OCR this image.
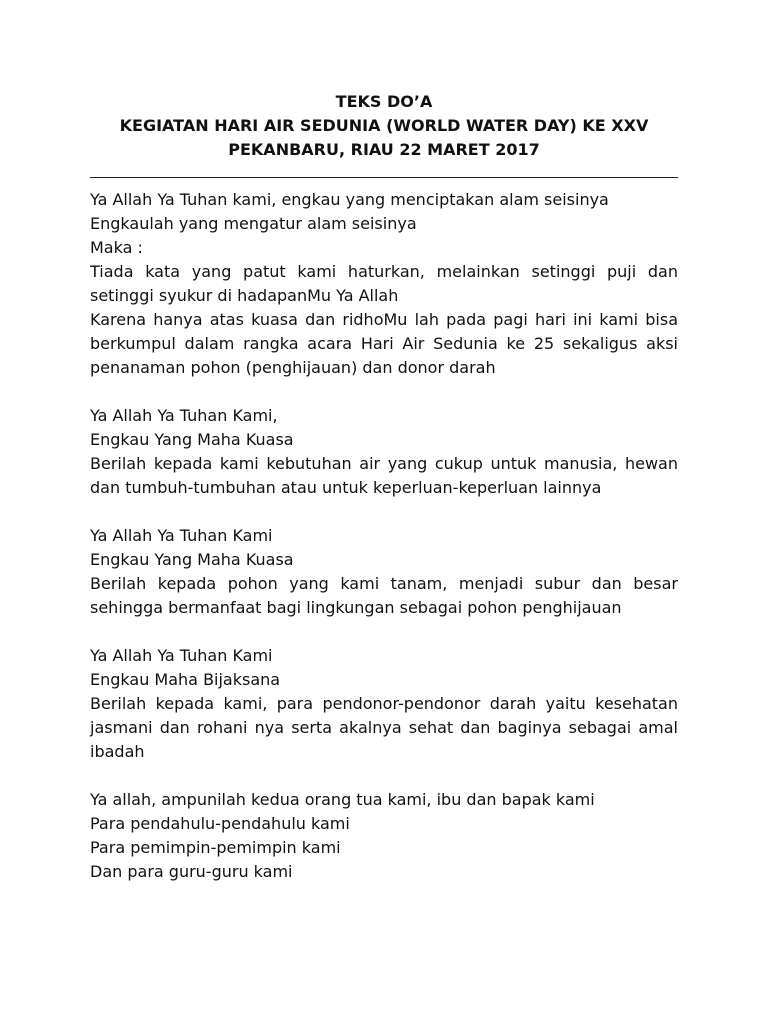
TEKS DO’A
KEGIATAN HARI AIR SEDUNIA (WORLD WATER DAY) KE XXV
PEKANBARU, RIAU 22 MARET 2017
Ya Allah Ya Tuhan kami, engkau yang menciptakan alam seisinya
Engkaulah yang mengatur alam seisinya
Maka :
Tiada kata yang patut kami haturkan, melainkan setinggi puji dan setinggi syukur di hadapanMu Ya Allah
Karena hanya atas kuasa dan ridhoMu lah pada pagi hari ini kami bisa berkumpul dalam rangka acara Hari Air Sedunia ke 25 sekaligus aksi penanaman pohon (penghijauan) dan donor darah
Ya Allah Ya Tuhan Kami,
Engkau Yang Maha Kuasa
Berilah kepada kami kebutuhan air yang cukup untuk manusia, hewan dan tumbuh-tumbuhan atau untuk keperluan-keperluan lainnya
Ya Allah Ya Tuhan Kami
Engkau Yang Maha Kuasa
Berilah kepada pohon yang kami tanam, menjadi subur dan besar sehingga bermanfaat bagi lingkungan sebagai pohon penghijauan
Ya Allah Ya Tuhan Kami
Engkau Maha Bijaksana
Berilah kepada kami, para pendonor-pendonor darah yaitu kesehatan jasmani dan rohani nya serta akalnya sehat dan baginya sebagai amal ibadah
Ya allah, ampunilah kedua orang tua kami, ibu dan bapak kami
Para pendahulu-pendahulu kami
Para pemimpin-pemimpin kami
Dan para guru-guru kami
